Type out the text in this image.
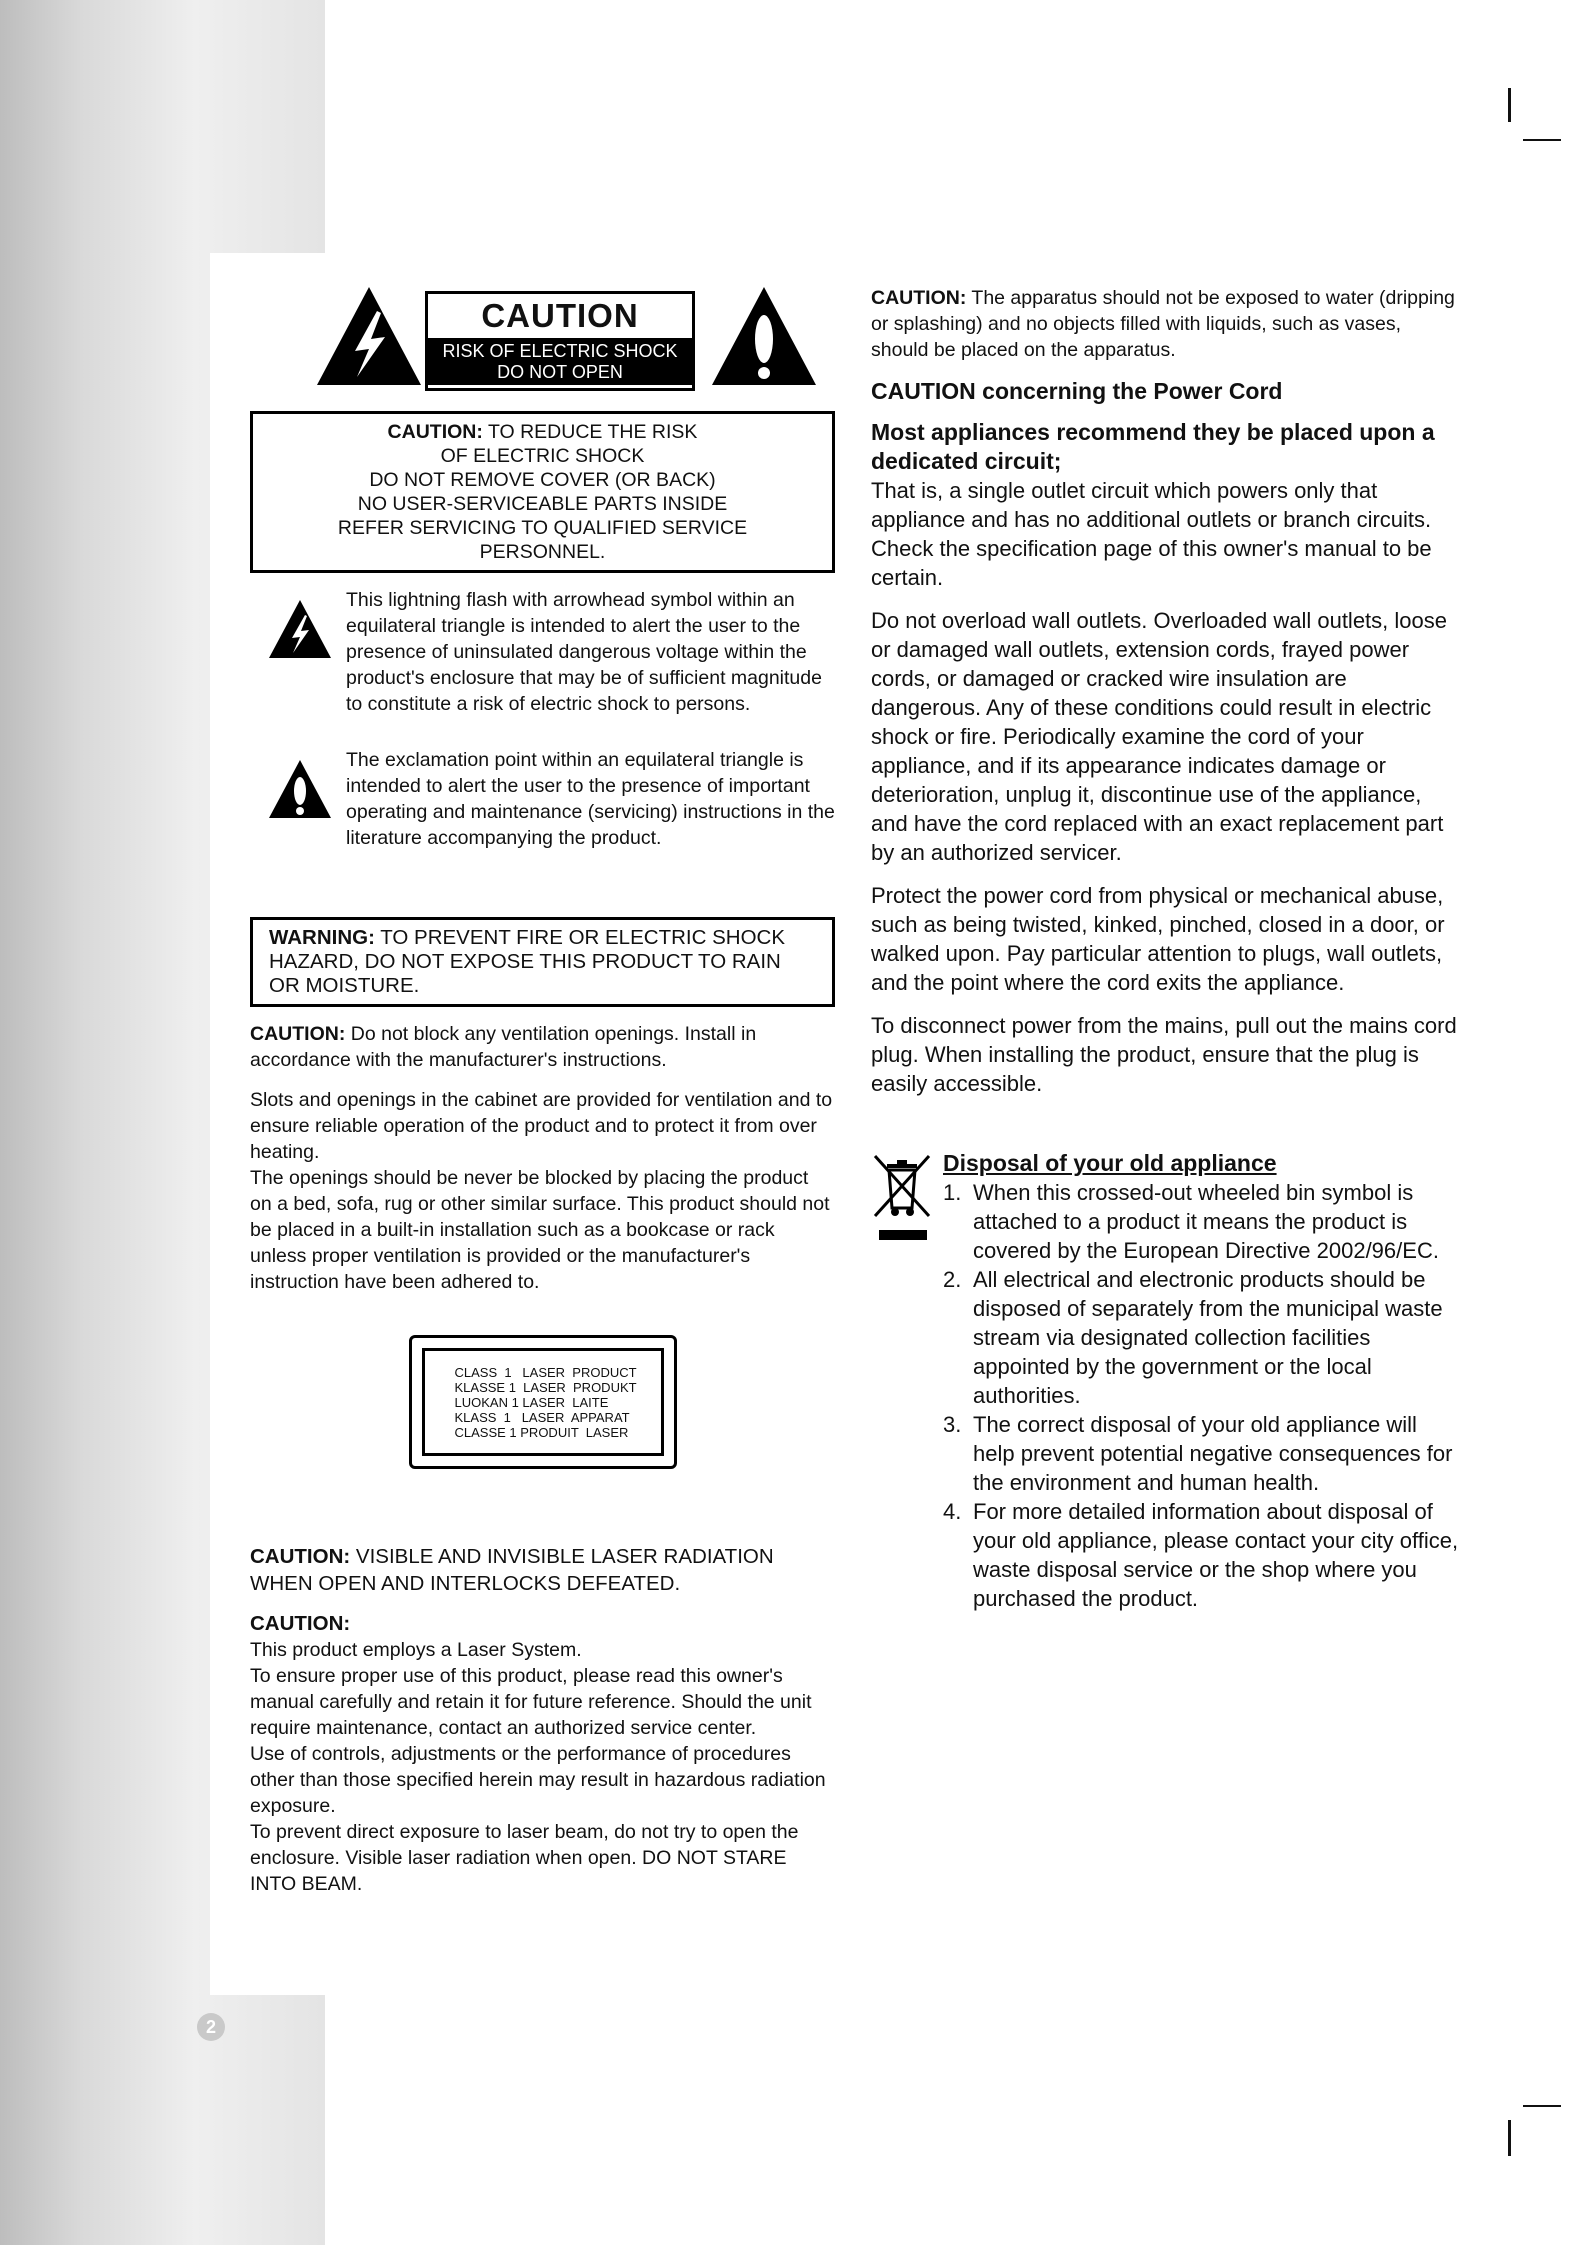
CAUTION
RISK OF ELECTRIC SHOCK
DO NOT OPEN
CAUTION: TO REDUCE THE RISK
OF ELECTRIC SHOCK
DO NOT REMOVE COVER (OR BACK)
NO USER-SERVICEABLE PARTS INSIDE
REFER SERVICING TO QUALIFIED SERVICE
PERSONNEL.
This lightning flash with arrowhead symbol within an equilateral triangle is intended to alert the user to the presence of uninsulated dangerous voltage within the product's enclosure that may be of sufficient magnitude to constitute a risk of electric shock to persons.
The exclamation point within an equilateral triangle is intended to alert the user to the presence of important operating and maintenance (servicing) instructions in the literature accompanying the product.
WARNING: TO PREVENT FIRE OR ELECTRIC SHOCK HAZARD, DO NOT EXPOSE THIS PRODUCT TO RAIN OR MOISTURE.
CAUTION: Do not block any ventilation openings. Install in accordance with the manufacturer's instructions.
Slots and openings in the cabinet are provided for ventilation and to ensure reliable operation of the product and to protect it from over heating.
The openings should be never be blocked by placing the product on a bed, sofa, rug or other similar surface. This product should not be placed in a built-in installation such as a bookcase or rack unless proper ventilation is provided or the manufacturer's instruction have been adhered to.
CLASS  1   LASER  PRODUCT
KLASSE 1  LASER  PRODUKT
LUOKAN 1 LASER  LAITE
KLASS  1   LASER  APPARAT
CLASSE 1 PRODUIT  LASER
CAUTION: VISIBLE AND INVISIBLE LASER RADIATION WHEN OPEN AND INTERLOCKS DEFEATED.
CAUTION:
This product employs a Laser System.
To ensure proper use of this product, please read this owner's manual carefully and retain it for future reference. Should the unit require maintenance, contact an authorized service center.
Use of controls, adjustments or the performance of procedures other than those specified herein may result in hazardous radiation exposure.
To prevent direct exposure to laser beam, do not try to open the enclosure. Visible laser radiation when open. DO NOT STARE INTO BEAM.
CAUTION: The apparatus should not be exposed to water (dripping or splashing) and no objects filled with liquids, such as vases, should be placed on the apparatus.
CAUTION concerning the Power Cord
Most appliances recommend they be placed upon a dedicated circuit;
That is, a single outlet circuit which powers only that appliance and has no additional outlets or branch circuits. Check the specification page of this owner's manual to be certain.
Do not overload wall outlets. Overloaded wall outlets, loose or damaged wall outlets, extension cords, frayed power cords, or damaged or cracked wire insulation are dangerous. Any of these conditions could result in electric shock or fire. Periodically examine the cord of your appliance, and if its appearance indicates damage or deterioration, unplug it, discontinue use of the appliance, and have the cord replaced with an exact replacement part by an authorized servicer.
Protect the power cord from physical or mechanical abuse, such as being twisted, kinked, pinched, closed in a door, or walked upon. Pay particular attention to plugs, wall outlets, and the point where the cord exits the appliance.
To disconnect power from the mains, pull out the mains cord plug. When installing the product, ensure that the plug is easily accessible.
Disposal of your old appliance
1. When this crossed-out wheeled bin symbol is attached to a product it means the product is covered by the European Directive 2002/96/EC.
2. All electrical and electronic products should be disposed of separately from the municipal waste stream via designated collection facilities appointed by the government or the local authorities.
3. The correct disposal of your old appliance will help prevent potential negative consequences for the environment and human health.
4. For more detailed information about disposal of your old appliance, please contact your city office, waste disposal service or the shop where you purchased the product.
2
